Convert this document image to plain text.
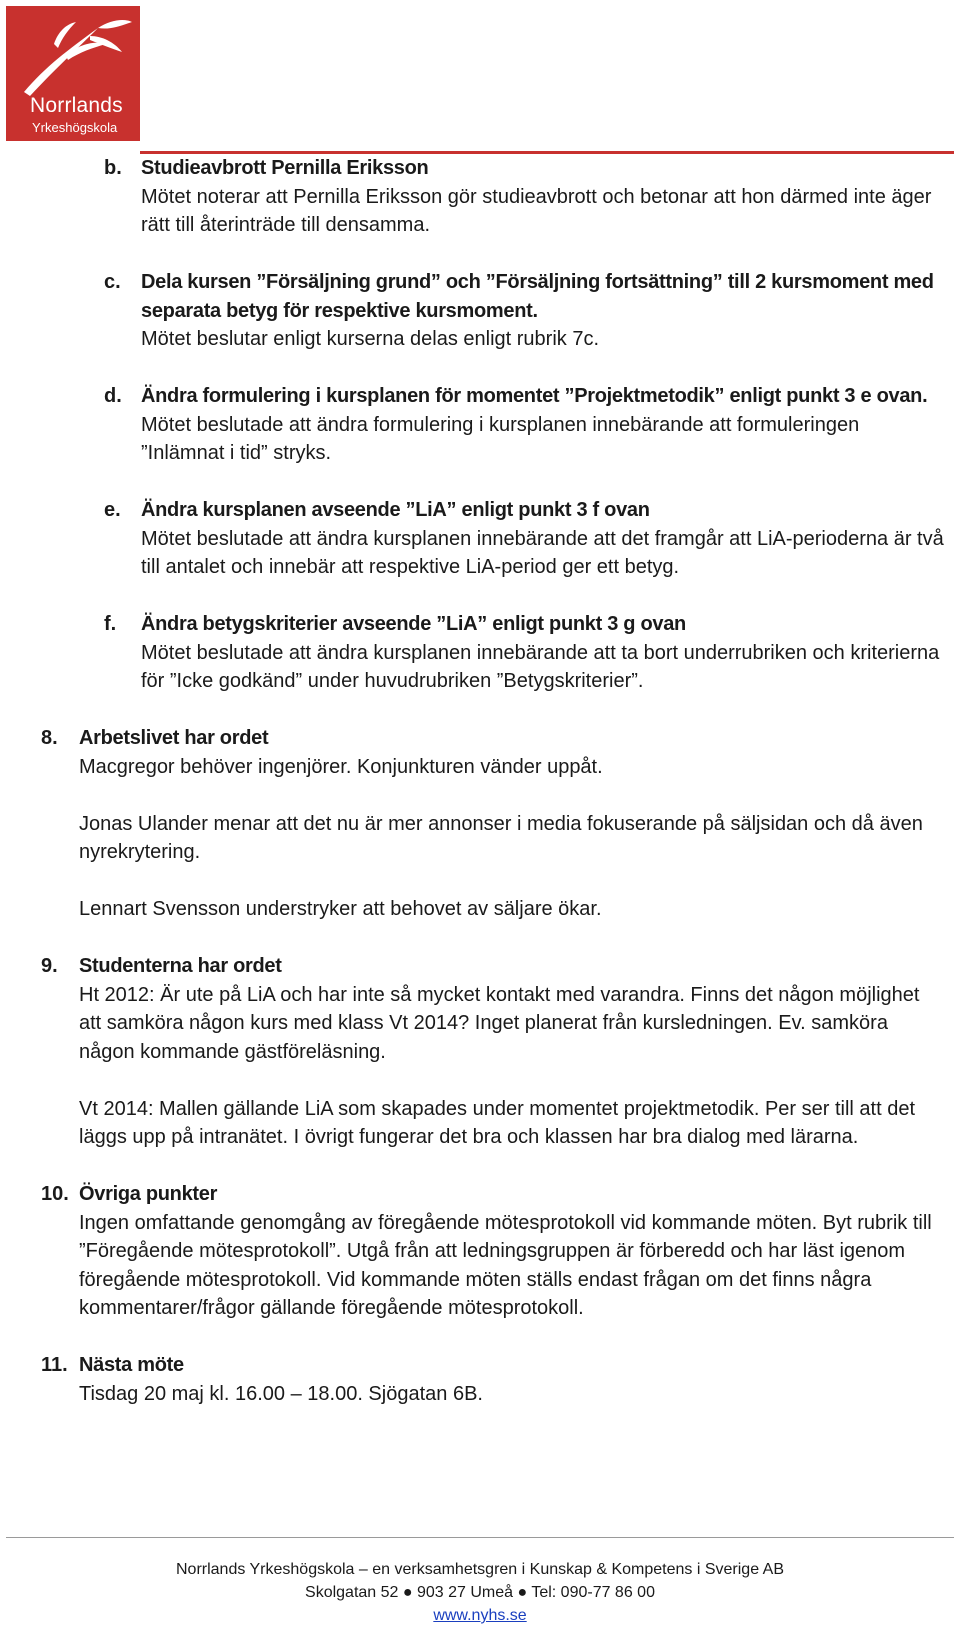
Norrlands
Yrkeshögskola
b. Studieavbrott Pernilla Eriksson

Mötet noterar att Pernilla Eriksson gör studieavbrott och betonar att hon därmed inte äger rätt till återinträde till densamma.

c. Dela kursen ”Försäljning grund” och ”Försäljning fortsättning” till 2 kursmoment med separata betyg för respektive kursmoment.

Mötet beslutar enligt kurserna delas enligt rubrik 7c.

d. Ändra formulering i kursplanen för momentet ”Projektmetodik” enligt punkt 3 e ovan.

Mötet beslutade att ändra formulering i kursplanen innebärande att formuleringen ”Inlämnat i tid” stryks.

e. Ändra kursplanen avseende ”LiA” enligt punkt 3 f ovan

Mötet beslutade att ändra kursplanen innebärande att det framgår att LiA-perioderna är två till antalet och innebär att respektive LiA-period ger ett betyg.

f. Ändra betygskriterier avseende ”LiA” enligt punkt 3 g ovan

Mötet beslutade att ändra kursplanen innebärande att ta bort underrubriken och kriterierna för ”Icke godkänd” under huvudrubriken ”Betygskriterier”.

8. Arbetslivet har ordet

Macgregor behöver ingenjörer. Konjunkturen vänder uppåt.

Jonas Ulander menar att det nu är mer annonser i media fokuserande på säljsidan och då även nyrekrytering.

Lennart Svensson understryker att behovet av säljare ökar.

9. Studenterna har ordet

Ht 2012: Är ute på LiA och har inte så mycket kontakt med varandra. Finns det någon möjlighet att samköra någon kurs med klass Vt 2014? Inget planerat från kursledningen. Ev. samköra någon kommande gästföreläsning.

Vt 2014: Mallen gällande LiA som skapades under momentet projektmetodik. Per ser till att det läggs upp på intranätet. I övrigt fungerar det bra och klassen har bra dialog med lärarna.

10. Övriga punkter

Ingen omfattande genomgång av föregående mötesprotokoll vid kommande möten. Byt rubrik till ”Föregående mötesprotokoll”. Utgå från att ledningsgruppen är förberedd och har läst igenom föregående mötesprotokoll. Vid kommande möten ställs endast frågan om det finns några kommentarer/frågor gällande föregående mötesprotokoll.

11. Nästa möte

Tisdag 20 maj kl. 16.00 – 18.00. Sjögatan 6B.

Norrlands Yrkeshögskola – en verksamhetsgren i Kunskap & Kompetens i Sverige AB
Skolgatan 52 ● 903 27 Umeå ● Tel: 090-77 86 00
www.nyhs.se
